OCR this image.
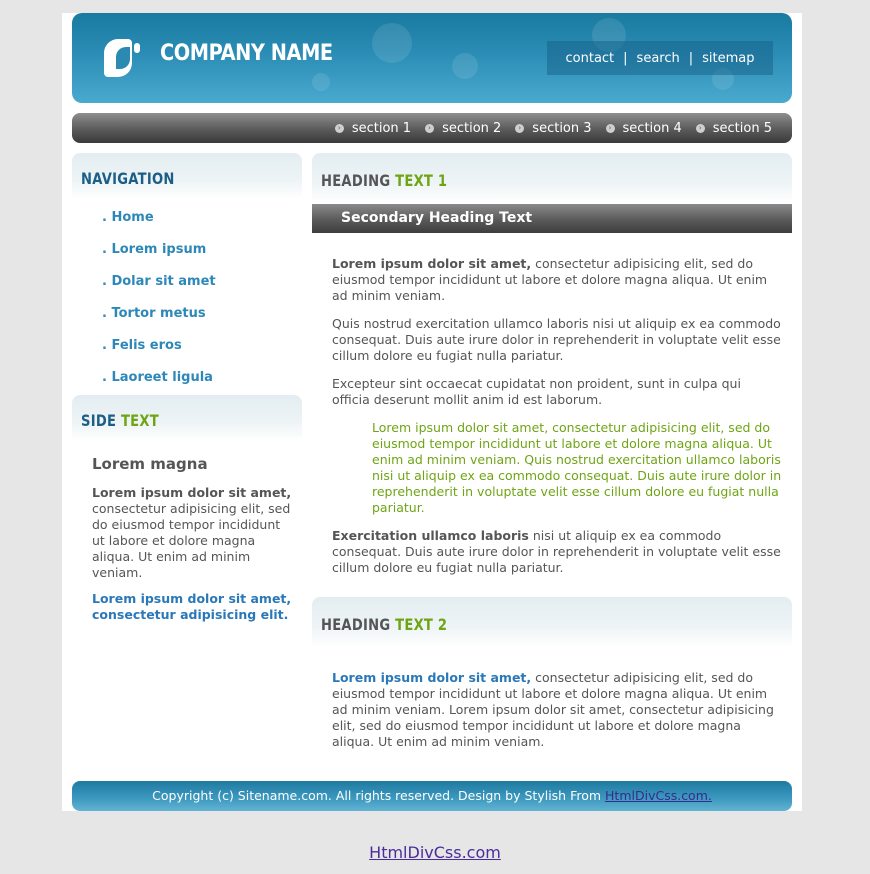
COMPANY NAME	contact | search | sitemap
› section 1	› section 2	› section 3	› section 4	› section 5
NAVIGATION
. Home
. Lorem ipsum
. Dolar sit amet
. Tortor metus
. Felis eros
. Laoreet ligula
SIDE TEXT
Lorem magna
Lorem ipsum dolor sit amet, consectetur adipisicing elit, sed do eiusmod tempor incididunt ut labore et dolore magna aliqua. Ut enim ad minim veniam.
Lorem ipsum dolor sit amet, consectetur adipisicing elit.
HEADING TEXT 1
Secondary Heading Text

Lorem ipsum dolor sit amet, consectetur adipisicing elit, sed do eiusmod tempor incididunt ut labore et dolore magna aliqua. Ut enim ad minim veniam.

Quis nostrud exercitation ullamco laboris nisi ut aliquip ex ea commodo consequat. Duis aute irure dolor in reprehenderit in voluptate velit esse cillum dolore eu fugiat nulla pariatur.

Excepteur sint occaecat cupidatat non proident, sunt in culpa qui officia deserunt mollit anim id est laborum.

Lorem ipsum dolor sit amet, consectetur adipisicing elit, sed do eiusmod tempor incididunt ut labore et dolore magna aliqua. Ut enim ad minim veniam. Quis nostrud exercitation ullamco laboris nisi ut aliquip ex ea commodo consequat. Duis aute irure dolor in reprehenderit in voluptate velit esse cillum dolore eu fugiat nulla pariatur.

Exercitation ullamco laboris nisi ut aliquip ex ea commodo consequat. Duis aute irure dolor in reprehenderit in voluptate velit esse cillum dolore eu fugiat nulla pariatur.

HEADING TEXT 2

Lorem ipsum dolor sit amet, consectetur adipisicing elit, sed do eiusmod tempor incididunt ut labore et dolore magna aliqua. Ut enim ad minim veniam. Lorem ipsum dolor sit amet, consectetur adipisicing elit, sed do eiusmod tempor incididunt ut labore et dolore magna aliqua. Ut enim ad minim veniam.

Copyright (c) Sitename.com. All rights reserved. Design by Stylish From HtmlDivCss.com.
HtmlDivCss.com
